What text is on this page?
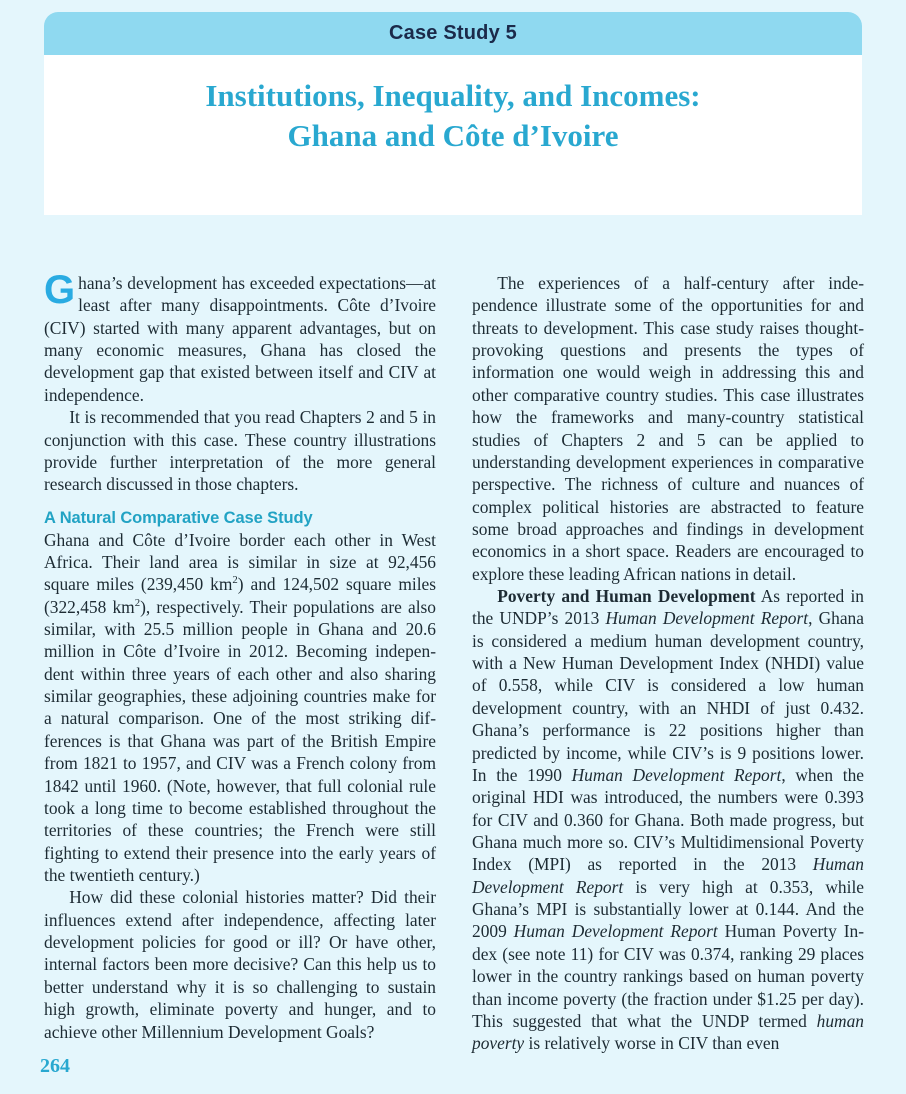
Case Study 5
Institutions, Inequality, and Incomes:
Ghana and Côte d’Ivoire

Ghana’s development has exceeded expectations—at least after many disappointments. Côte d’Ivoire (CIV) started with many apparent advantages, but on many economic measures, Ghana has closed the development gap that existed between itself and CIV at independence.

It is recommended that you read Chapters 2 and 5 in conjunction with this case. These country illustrations provide further interpretation of the more general research discussed in those chapters.

A Natural Comparative Case Study

Ghana and Côte d’Ivoire border each other in West Africa. Their land area is similar in size at 92,456 square miles (239,450 $km^2$) and 124,502 square miles (322,458 $km^2$), respectively. Their populations are also similar, with 25.5 million people in Ghana and 20.6 million in Côte d’Ivoire in 2012. Becoming independent within three years of each other and also sharing similar geographies, these adjoining countries make for a natural comparison. One of the most striking differences is that Ghana was part of the British Empire from 1821 to 1957, and CIV was a French colony from 1842 until 1960. (Note, however, that full colonial rule took a long time to become established throughout the territories of these countries; the French were still fighting to extend their presence into the early years of the twentieth century.)

How did these colonial histories matter? Did their influences extend after independence, affecting later development policies for good or ill? Or have other, internal factors been more decisive? Can this help us to better understand why it is so challenging to sustain high growth, eliminate poverty and hunger, and to achieve other Millennium Development Goals?

The experiences of a half-century after independence illustrate some of the opportunities for and threats to development. This case study raises thought-provoking questions and presents the types of information one would weigh in addressing this and other comparative country studies. This case illustrates how the frameworks and many-country statistical studies of Chapters 2 and 5 can be applied to understanding development experiences in comparative perspective. The richness of culture and nuances of complex political histories are abstracted to feature some broad approaches and findings in development economics in a short space. Readers are encouraged to explore these leading African nations in detail.

Poverty and Human Development As reported in the UNDP’s 2013 Human Development Report, Ghana is considered a medium human development country, with a New Human Development Index (NHDI) value of 0.558, while CIV is considered a low human development country, with an NHDI of just 0.432. Ghana’s performance is 22 positions higher than predicted by income, while CIV’s is 9 positions lower. In the 1990 Human Development Report, when the original HDI was introduced, the numbers were 0.393 for CIV and 0.360 for Ghana. Both made progress, but Ghana much more so. CIV’s Multidimensional Poverty Index (MPI) as reported in the 2013 Human Development Report is very high at 0.353, while Ghana’s MPI is substantially lower at 0.144. And the 2009 Human Development Report Human Poverty Index (see note 11) for CIV was 0.374, ranking 29 places lower in the country rankings based on human poverty than income poverty (the fraction under $1.25 per day). This suggested that what the UNDP termed human poverty is relatively worse in CIV than even

264
